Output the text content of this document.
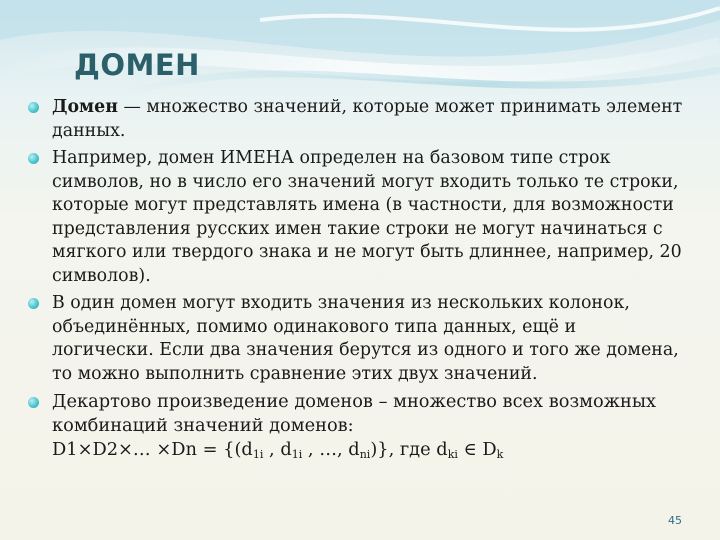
ДОМЕН
Домен — множество значений, которые может принимать элемент данных.
Например, домен ИМЕНА определен на базовом типе строк символов, но в число его значений могут входить только те строки, которые могут представлять имена (в частности, для возможности представления русских имен такие строки не могут начинаться с мягкого или твердого знака и не могут быть длиннее, например, 20 символов).
В один домен могут входить значения из нескольких колонок, объединённых, помимо одинакового типа данных, ещё и логически. Если два значения берутся из одного и того же домена, то можно выполнить сравнение этих двух значений.
Декартово произведение доменов – множество всех возможных комбинаций значений доменов:
D1×D2×… $\times Dn = \{(d_{1i}$ , $d_{1i}$ , …, $d_{ni}$)}, где $d_{ki}$ ∈ $D_k$
45
